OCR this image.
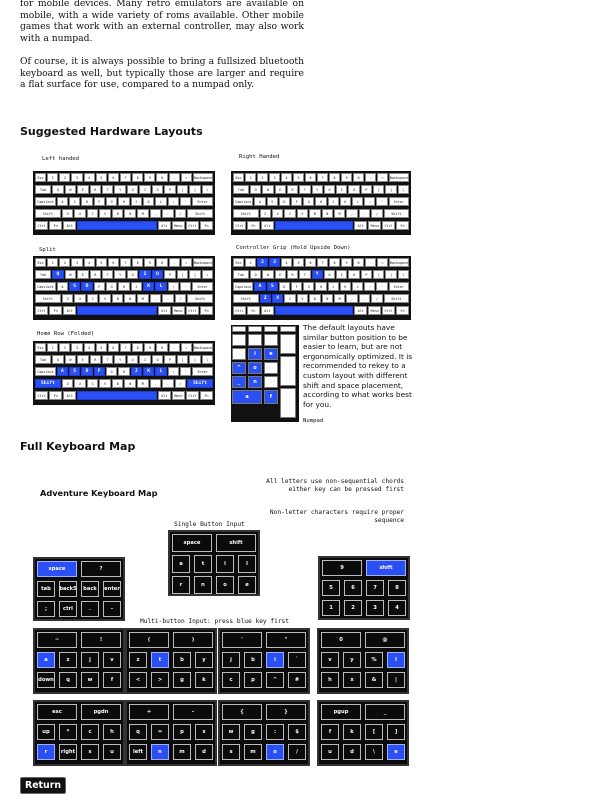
for mobile devices. Many retro emulators are available on mobile, with a wide variety of roms available. Other mobile games that work with an external controller, may also work with a numpad.

Of course, it is always possible to bring a fullsized bluetooth keyboard as well, but typically those are larger and require a flat surface for use, compared to a numpad only.

Suggested Hardware Layouts
Left handed	Right Handed
Split	Controller Grip (Hold Upside Down)
Home Row (Folded)
Numpad
Esc	1	2	3	4	5	6	7	8	9	0	-	=	Backspace
Tab	Q	W	E	R	T	Y	U	I	O	P	[	]	\
Capslock	A	S	D	F	G	H	J	K	L	;	'	Enter
Shift	Z	X	C	V	B	N	M	,	.	/	Shift
Ctrl	Fn	Alt	Alt	Menu	Ctrl	Fn
Esc	1	2	3	4	5	6	7	8	9	0	-	=	Backspace
Tab	Q	W	E	R	T	Y	U	I	O	P	[	]	\
Capslock	A	S	D	F	G	H	J	K	L	;	'	Enter
Shift	Z	X	C	V	B	N	M	,	.	/	Shift
Ctrl	Fn	Alt	Alt	Menu	Ctrl	Fn
Esc	1	2	3	4	5	6	7	8	9	0	-	=	Backspace
Tab	Q	W	E	R	T	Y	U	I	O	P	[	]	\
Capslock	A	S	D	F	G	H	J	K	L	;	'	Enter
Shift	Z	X	C	V	B	N	M	,	.	/	Shift
Ctrl	Fn	Alt	Alt	Menu	Ctrl	Fn
Esc	1	2	3	4	5	6	7	8	9	0	-	=	Backspace
Tab	Q	W	E	R	T	Y	U	I	O	P	[	]	\
Capslock	A	S	D	F	G	H	J	K	L	;	'	Enter
Shift	Z	X	C	V	B	N	M	,	.	/	Shift
Ctrl	Fn	Alt	Alt	Menu	Ctrl	Fn
Esc	1	2	3	4	5	6	7	8	9	0	-	=	Backspace
Tab	Q	W	E	R	T	Y	U	I	O	P	[	]	\
Capslock	A	S	D	F	G	H	J	K	L	;	'	Enter
Shift	Z	X	C	V	B	N	M	,	.	/	Shift
Ctrl	Fn	Alt	Alt	Menu	Ctrl	Fn
i	e
^	o
_	n
a	f

The default layouts have similar button position to be easier to learn, but are not ergonomically optimized. It is recommended to rekey to a custom layout with different shift and space placement, according to what works best for you.

Full Keyboard Map
Adventure Keyboard Map
All letters use non-sequential chords
either key can be pressed first
Non-letter characters require proper
sequence
Single Button Input
Multi-button Input: press blue key first
space	shift
a	t	i	l
r	n	o	e
space	?
tab	back5	back	enter
;	ctrl	.	-
9	shift
5	6	7	8
1	2	3	4
~	!
a	z	j	v
down	q	w	f
(	)
z	t	b	y
<	>	g	k
'	"
j	b	i	`
c	p	^	#
0	@
v	y	%	l
h	x	&	|
esc	pgdn
up	*	c	h
r	right	s	u
+	-
q	=	p	x
left	n	m	d
{	}
w	g	:	$
s	m	o	/
pgup	_
f	k	[	]
u	d	\	e
Return
